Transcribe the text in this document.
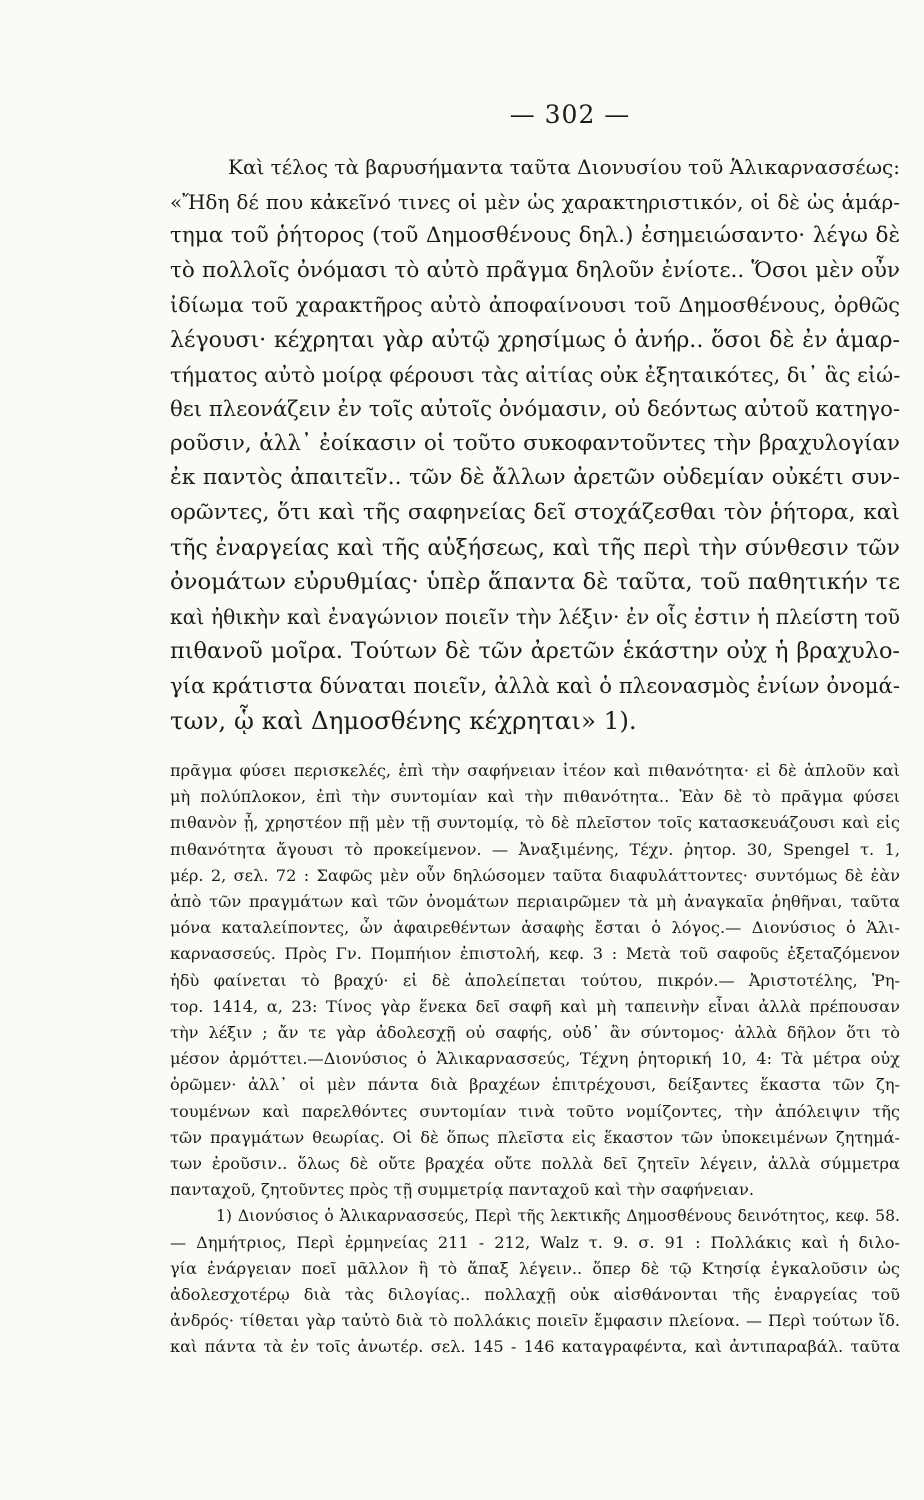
— 302 —
Καὶ τέλος τὰ βαρυσήμαντα ταῦτα Διονυσίου τοῦ Ἁλικαρνασσέως:
«Ἤδη δέ που κἀκεῖνό τινες οἱ μὲν ὡς χαρακτηριστικόν, οἱ δὲ ὡς ἁμάρ-
τημα τοῦ ῥήτορος (τοῦ Δημοσθένους δηλ.) ἐσημειώσαντο· λέγω δὲ
τὸ πολλοῖς ὀνόμασι τὸ αὐτὸ πρᾶγμα δηλοῦν ἐνίοτε.. Ὅσοι μὲν οὖν
ἰδίωμα τοῦ χαρακτῆρος αὐτὸ ἀποφαίνουσι τοῦ Δημοσθένους, ὀρθῶς
λέγουσι· κέχρηται γὰρ αὐτῷ χρησίμως ὁ ἀνήρ.. ὅσοι δὲ ἐν ἁμαρ-
τήματος αὐτὸ μοίρᾳ φέρουσι τὰς αἰτίας οὐκ ἐξηταικότες, δι᾽ ἃς εἰώ-
θει πλεονάζειν ἐν τοῖς αὐτοῖς ὀνόμασιν, οὐ δεόντως αὐτοῦ κατηγο-
ροῦσιν, ἀλλ᾽ ἐοίκασιν οἱ τοῦτο συκοφαντοῦντες τὴν βραχυλογίαν
ἐκ παντὸς ἀπαιτεῖν.. τῶν δὲ ἄλλων ἀρετῶν οὐδεμίαν οὐκέτι συν-
ορῶντες, ὅτι καὶ τῆς σαφηνείας δεῖ στοχάζεσθαι τὸν ῥήτορα, καὶ
τῆς ἐναργείας καὶ τῆς αὐξήσεως, καὶ τῆς περὶ τὴν σύνθεσιν τῶν
ὀνομάτων εὐρυθμίας· ὑπὲρ ἅπαντα δὲ ταῦτα, τοῦ παθητικήν τε
καὶ ἠθικὴν καὶ ἐναγώνιον ποιεῖν τὴν λέξιν· ἐν οἷς ἐστιν ἡ πλείστη τοῦ
πιθανοῦ μοῖρα. Τούτων δὲ τῶν ἀρετῶν ἑκάστην οὐχ ἡ βραχυλο-
γία κράτιστα δύναται ποιεῖν, ἀλλὰ καὶ ὁ πλεονασμὸς ἐνίων ὀνομά-
των, ᾧ καὶ Δημοσθένης κέχρηται» 1).
πρᾶγμα φύσει περισκελές, ἐπὶ τὴν σαφήνειαν ἰτέον καὶ πιθανότητα· εἰ δὲ ἁπλοῦν καὶ
μὴ πολύπλοκον, ἐπὶ τὴν συντομίαν καὶ τὴν πιθανότητα.. Ἐὰν δὲ τὸ πρᾶγμα φύσει
πιθανὸν ᾖ, χρηστέον πῇ μὲν τῇ συντομίᾳ, τὸ δὲ πλεῖστον τοῖς κατασκευάζουσι καὶ εἰς
πιθανότητα ἄγουσι τὸ προκείμενον. — Ἀναξιμένης, Τέχν. ῥητορ. 30, Spengel τ. 1,
μέρ. 2, σελ. 72 : Σαφῶς μὲν οὖν δηλώσομεν ταῦτα διαφυλάττοντες· συντόμως δὲ ἐὰν
ἀπὸ τῶν πραγμάτων καὶ τῶν ὀνομάτων περιαιρῶμεν τὰ μὴ ἀναγκαῖα ῥηθῆναι, ταῦτα
μόνα καταλείποντες, ὧν ἀφαιρεθέντων ἀσαφὴς ἔσται ὁ λόγος.— Διονύσιος ὁ Ἁλι-
καρνασσεύς. Πρὸς Γν. Πομπήιον ἐπιστολή, κεφ. 3 : Μετὰ τοῦ σαφοῦς ἐξεταζόμενον
ἡδὺ φαίνεται τὸ βραχύ· εἰ δὲ ἀπολείπεται τούτου, πικρόν.— Ἀριστοτέλης, Ῥη-
τορ. 1414, α, 23: Τίνος γὰρ ἕνεκα δεῖ σαφῆ καὶ μὴ ταπεινὴν εἶναι ἀλλὰ πρέπουσαν
τὴν λέξιν ; ἄν τε γὰρ ἀδολεσχῇ οὐ σαφής, οὐδ᾽ ἂν σύντομος· ἀλλὰ δῆλον ὅτι τὸ
μέσον ἁρμόττει.—Διονύσιος ὁ Ἁλικαρνασσεύς, Τέχνη ῥητορική 10, 4: Τὰ μέτρα οὐχ
ὁρῶμεν· ἀλλ᾽ οἱ μὲν πάντα διὰ βραχέων ἐπιτρέχουσι, δείξαντες ἕκαστα τῶν ζη-
τουμένων καὶ παρελθόντες συντομίαν τινὰ τοῦτο νομίζοντες, τὴν ἀπόλειψιν τῆς
τῶν πραγμάτων θεωρίας. Οἱ δὲ ὅπως πλεῖστα εἰς ἕκαστον τῶν ὑποκειμένων ζητημά-
των ἐροῦσιν.. ὅλως δὲ οὔτε βραχέα οὔτε πολλὰ δεῖ ζητεῖν λέγειν, ἀλλὰ σύμμετρα
πανταχοῦ, ζητοῦντες πρὸς τῇ συμμετρίᾳ πανταχοῦ καὶ τὴν σαφήνειαν.
1) Διονύσιος ὁ Ἁλικαρνασσεύς, Περὶ τῆς λεκτικῆς Δημοσθένους δεινότητος, κεφ. 58.
— Δημήτριος, Περὶ ἑρμηνείας 211 - 212, Walz τ. 9. σ. 91 : Πολλάκις καὶ ἡ διλο-
γία ἐνάργειαν ποεῖ μᾶλλον ἢ τὸ ἅπαξ λέγειν.. ὅπερ δὲ τῷ Κτησίᾳ ἐγκαλοῦσιν ὡς
ἀδολεσχοτέρῳ διὰ τὰς διλογίας.. πολλαχῇ οὐκ αἰσθάνονται τῆς ἐναργείας τοῦ
ἀνδρός· τίθεται γὰρ ταὐτὸ διὰ τὸ πολλάκις ποιεῖν ἔμφασιν πλείονα. — Περὶ τούτων ἴδ.
καὶ πάντα τὰ ἐν τοῖς ἀνωτέρ. σελ. 145 - 146 καταγραφέντα, καὶ ἀντιπαραβάλ. ταῦτα
